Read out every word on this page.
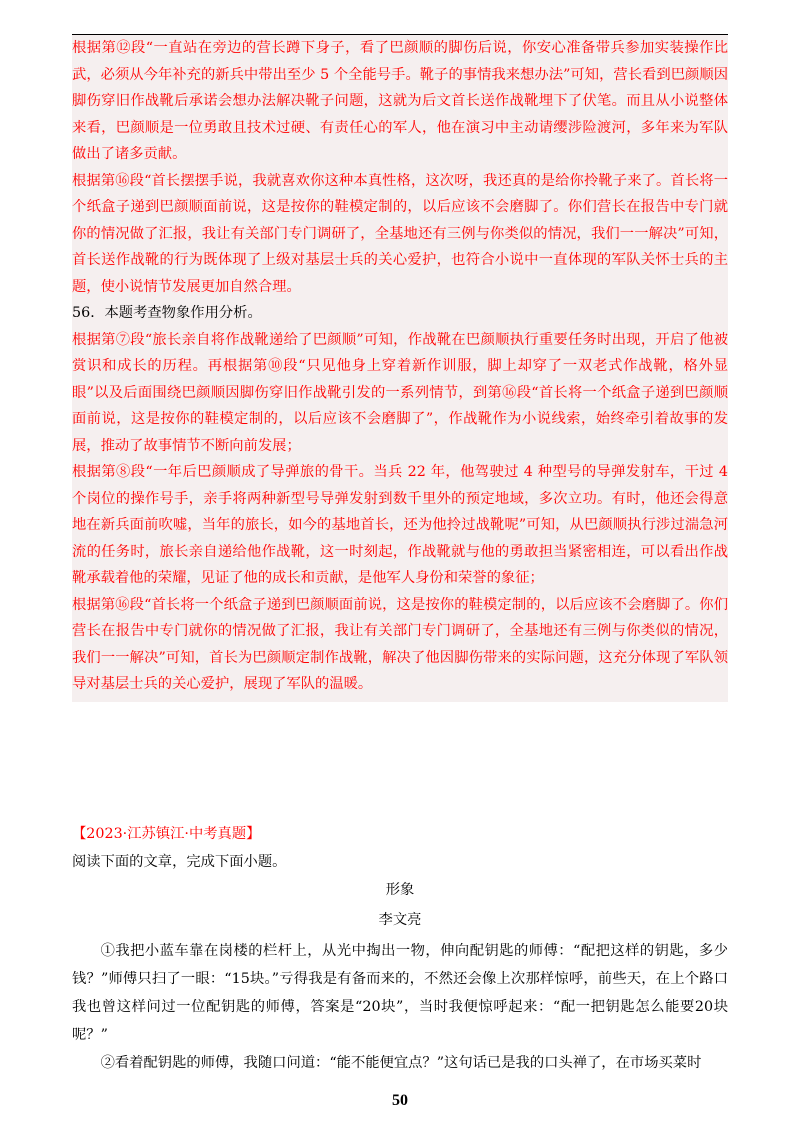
根据第⑫段“一直站在旁边的营长蹲下身子，看了巴颜顺的脚伤后说，你安心准备带兵参加实装操作比武，必须从今年补充的新兵中带出至少 5 个全能号手。靴子的事情我来想办法”可知，营长看到巴颜顺因脚伤穿旧作战靴后承诺会想办法解决靴子问题，这就为后文首长送作战靴埋下了伏笔。而且从小说整体来看，巴颜顺是一位勇敢且技术过硬、有责任心的军人，他在演习中主动请缨涉险渡河，多年来为军队做出了诸多贡献。

根据第⑯段“首长摆摆手说，我就喜欢你这种本真性格，这次呀，我还真的是给你拎靴子来了。首长将一个纸盒子递到巴颜顺面前说，这是按你的鞋模定制的，以后应该不会磨脚了。你们营长在报告中专门就你的情况做了汇报，我让有关部门专门调研了，全基地还有三例与你类似的情况，我们一一解决”可知，首长送作战靴的行为既体现了上级对基层士兵的关心爱护，也符合小说中一直体现的军队关怀士兵的主题，使小说情节发展更加自然合理。

56．本题考查物象作用分析。

根据第⑦段“旅长亲自将作战靴递给了巴颜顺”可知，作战靴在巴颜顺执行重要任务时出现，开启了他被赏识和成长的历程。再根据第⑩段“只见他身上穿着新作训服，脚上却穿了一双老式作战靴，格外显眼”以及后面围绕巴颜顺因脚伤穿旧作战靴引发的一系列情节，到第⑯段“首长将一个纸盒子递到巴颜顺面前说，这是按你的鞋模定制的，以后应该不会磨脚了”，作战靴作为小说线索，始终牵引着故事的发展，推动了故事情节不断向前发展；

根据第⑧段“一年后巴颜顺成了导弹旅的骨干。当兵 22 年，他驾驶过 4 种型号的导弹发射车，干过 4 个岗位的操作号手，亲手将两种新型号导弹发射到数千里外的预定地域，多次立功。有时，他还会得意地在新兵面前吹嘘，当年的旅长，如今的基地首长，还为他拎过战靴呢”可知，从巴颜顺执行涉过湍急河流的任务时，旅长亲自递给他作战靴，这一时刻起，作战靴就与他的勇敢担当紧密相连，可以看出作战靴承载着他的荣耀，见证了他的成长和贡献，是他军人身份和荣誉的象征；

根据第⑯段“首长将一个纸盒子递到巴颜顺面前说，这是按你的鞋模定制的，以后应该不会磨脚了。你们营长在报告中专门就你的情况做了汇报，我让有关部门专门调研了，全基地还有三例与你类似的情况，我们一一解决”可知，首长为巴颜顺定制作战靴，解决了他因脚伤带来的实际问题，这充分体现了军队领导对基层士兵的关心爱护，展现了军队的温暖。

【2023·江苏镇江·中考真题】
阅读下面的文章，完成下面小题。
形象
李文亮

①我把小蓝车靠在岗楼的栏杆上，从光中掏出一物，伸向配钥匙的师傅：“配把这样的钥匙，多少钱？”师傅只扫了一眼：“15块。”亏得我是有备而来的，不然还会像上次那样惊呼，前些天，在上个路口我也曾这样问过一位配钥匙的师傅，答案是“20块”，当时我便惊呼起来：“配一把钥匙怎么能要20块呢？”

②看着配钥匙的师傅，我随口问道：“能不能便宜点？”这句话已是我的口头禅了，在市场买菜时

50
